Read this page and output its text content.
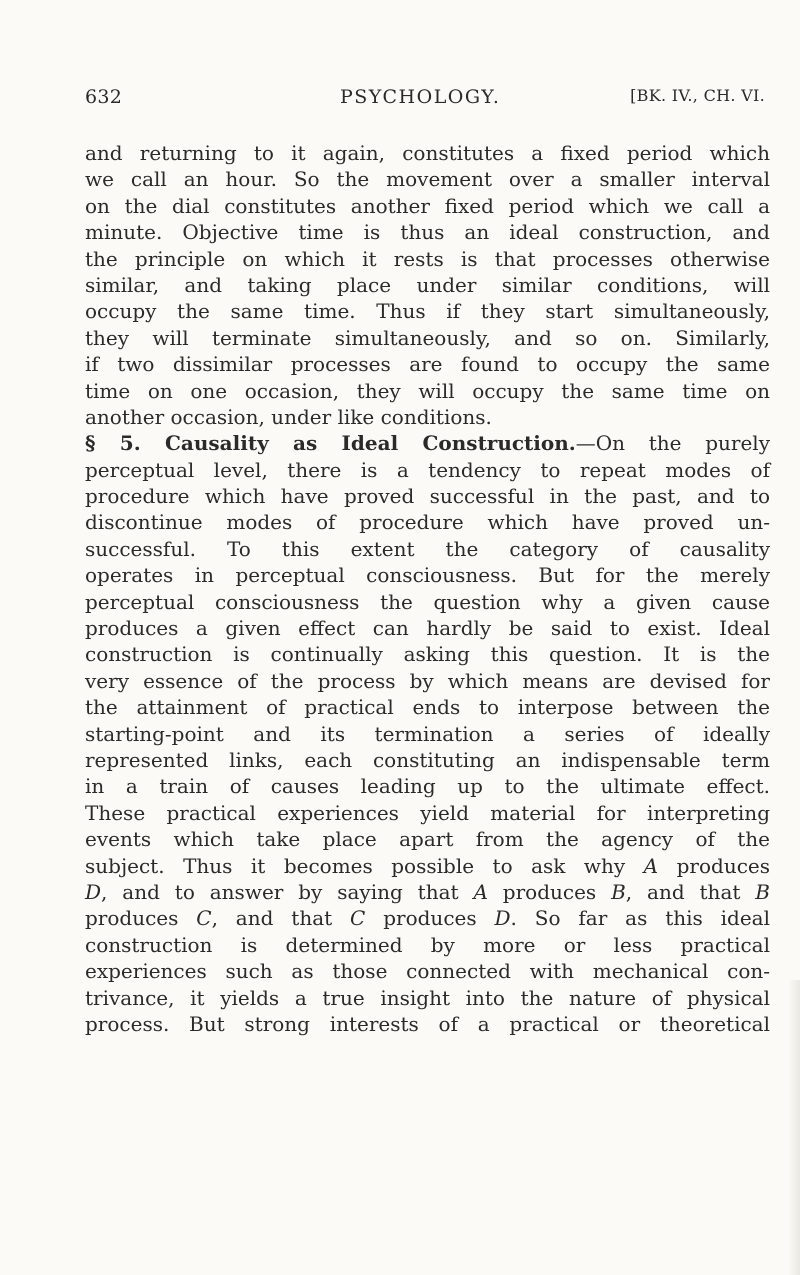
632	PSYCHOLOGY.	[BK. IV., CH. VI.
and returning to it again, constitutes a fixed period which
we call an hour. So the movement over a smaller interval
on the dial constitutes another fixed period which we call a
minute. Objective time is thus an ideal construction, and
the principle on which it rests is that processes otherwise
similar, and taking place under similar conditions, will
occupy the same time. Thus if they start simultaneously,
they will terminate simultaneously, and so on. Similarly,
if two dissimilar processes are found to occupy the same
time on one occasion, they will occupy the same time on
another occasion, under like conditions.
§ 5. Causality as Ideal Construction.—On the purely
perceptual level, there is a tendency to repeat modes of
procedure which have proved successful in the past, and to
discontinue modes of procedure which have proved un-
successful. To this extent the category of causality
operates in perceptual consciousness. But for the merely
perceptual consciousness the question why a given cause
produces a given effect can hardly be said to exist. Ideal
construction is continually asking this question. It is the
very essence of the process by which means are devised for
the attainment of practical ends to interpose between the
starting-point and its termination a series of ideally
represented links, each constituting an indispensable term
in a train of causes leading up to the ultimate effect.
These practical experiences yield material for interpreting
events which take place apart from the agency of the
subject. Thus it becomes possible to ask why A produces
D, and to answer by saying that A produces B, and that B
produces C, and that C produces D. So far as this ideal
construction is determined by more or less practical
experiences such as those connected with mechanical con-
trivance, it yields a true insight into the nature of physical
process. But strong interests of a practical or theoretical
